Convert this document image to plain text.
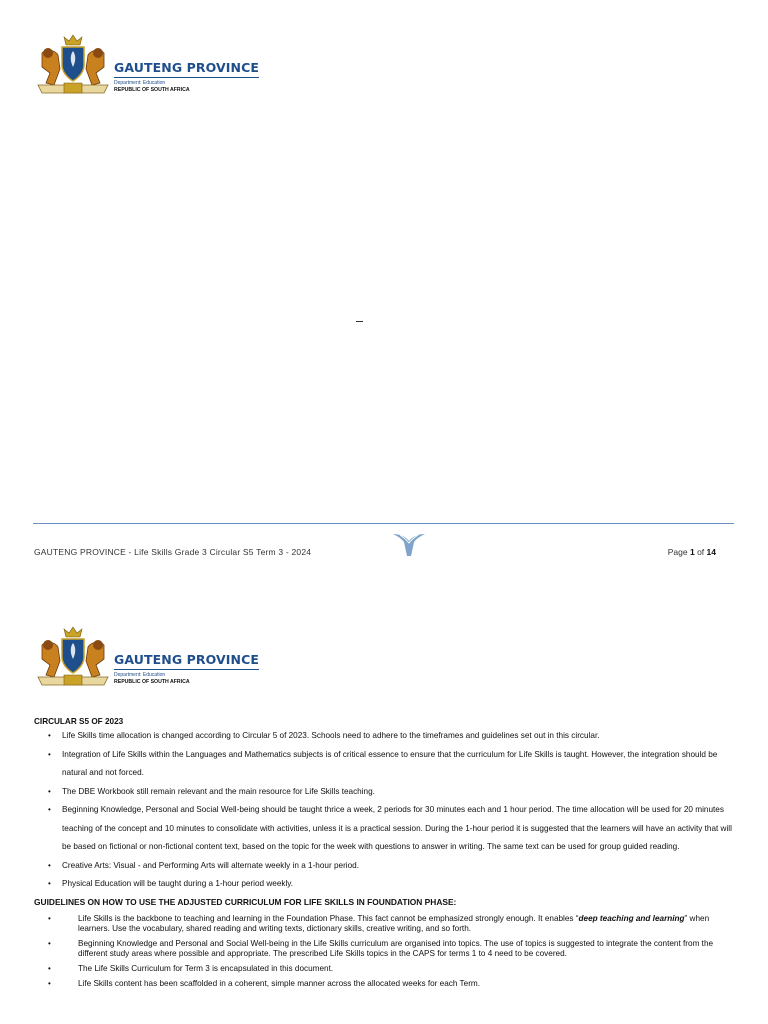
GAUTENG PROVINCE
Department: Education
REPUBLIC OF SOUTH AFRICA
GAUTENG PROVINCE - Life Skills Grade 3 Circular S5 Term 3 - 2024	Page 1 of 14
GAUTENG PROVINCE
Department: Education
REPUBLIC OF SOUTH AFRICA
CIRCULAR S5 OF 2023
• Life Skills time allocation is changed according to Circular 5 of 2023. Schools need to adhere to the timeframes and guidelines set out in this circular.
• Integration of Life Skills within the Languages and Mathematics subjects is of critical essence to ensure that the curriculum for Life Skills is taught. However, the integration should be natural and not forced.
• The DBE Workbook still remain relevant and the main resource for Life Skills teaching.
• Beginning Knowledge, Personal and Social Well-being should be taught thrice a week, 2 periods for 30 minutes each and 1 hour period. The time allocation will be used for 20 minutes teaching of the concept and 10 minutes to consolidate with activities, unless it is a practical session. During the 1-hour period it is suggested that the learners will have an activity that will be based on fictional or non-fictional content text, based on the topic for the week with questions to answer in writing. The same text can be used for group guided reading.
• Creative Arts: Visual - and Performing Arts will alternate weekly in a 1-hour period.
• Physical Education will be taught during a 1-hour period weekly.
GUIDELINES ON HOW TO USE THE ADJUSTED CURRICULUM FOR LIFE SKILLS IN FOUNDATION PHASE:
• Life Skills is the backbone to teaching and learning in the Foundation Phase. This fact cannot be emphasized strongly enough. It enables “deep teaching and learning” when learners. Use the vocabulary, shared reading and writing texts, dictionary skills, creative writing, and so forth.
• Beginning Knowledge and Personal and Social Well-being in the Life Skills curriculum are organised into topics. The use of topics is suggested to integrate the content from the different study areas where possible and appropriate. The prescribed Life Skills topics in the CAPS for terms 1 to 4 need to be covered.
• The Life Skills Curriculum for Term 3 is encapsulated in this document.
• Life Skills content has been scaffolded in a coherent, simple manner across the allocated weeks for each Term.
